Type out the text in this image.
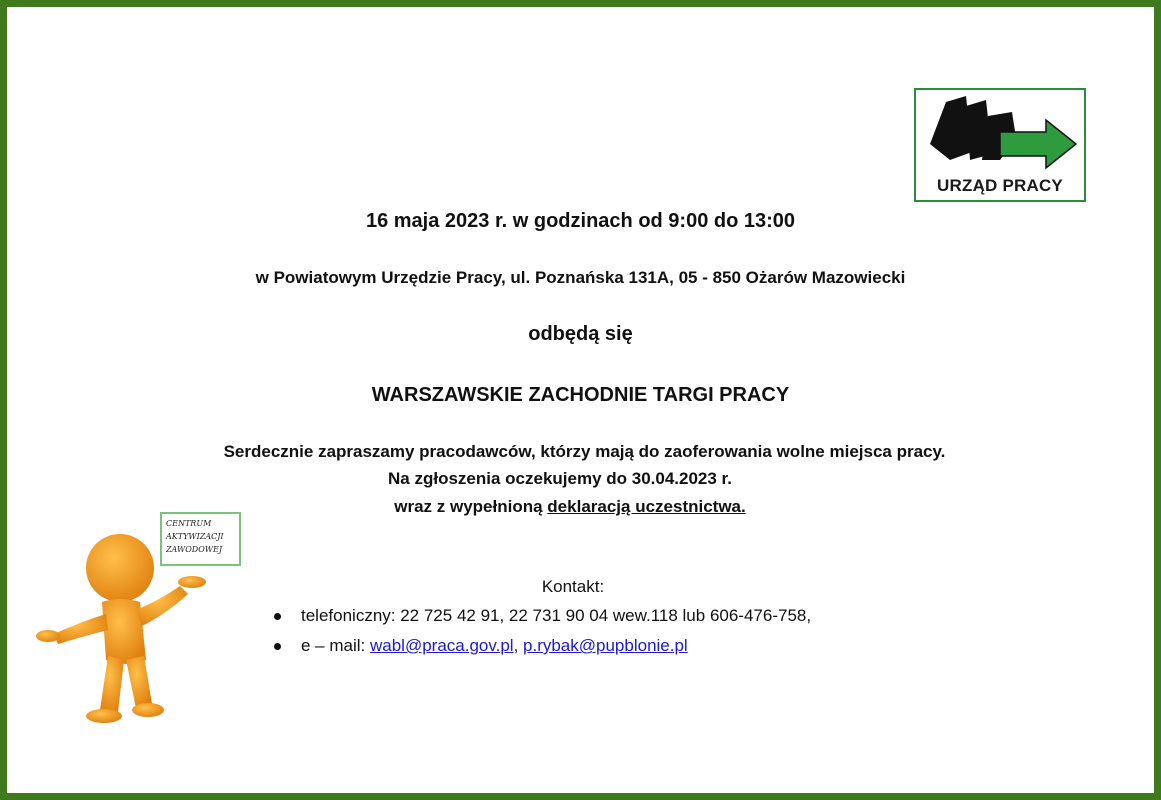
URZĄD PRACY
16 maja 2023 r. w godzinach od 9:00 do 13:00
w Powiatowym Urzędzie Pracy, ul. Poznańska 131A, 05 - 850 Ożarów Mazowiecki
odbędą się
WARSZAWSKIE ZACHODNIE TARGI PRACY
Serdecznie zapraszamy pracodawców, którzy mają do zaoferowania wolne miejsca pracy.
Na zgłoszenia oczekujemy do 30.04.2023 r.
wraz z wypełnioną deklaracją uczestnictwa.
Kontakt:
telefoniczny: 22 725 42 91, 22 731 90 04 wew.118 lub 606-476-758,
e – mail: wabl@praca.gov.pl, p.rybak@pupblonie.pl
CENTRUM
AKTYWIZACJI
ZAWODOWEJ
